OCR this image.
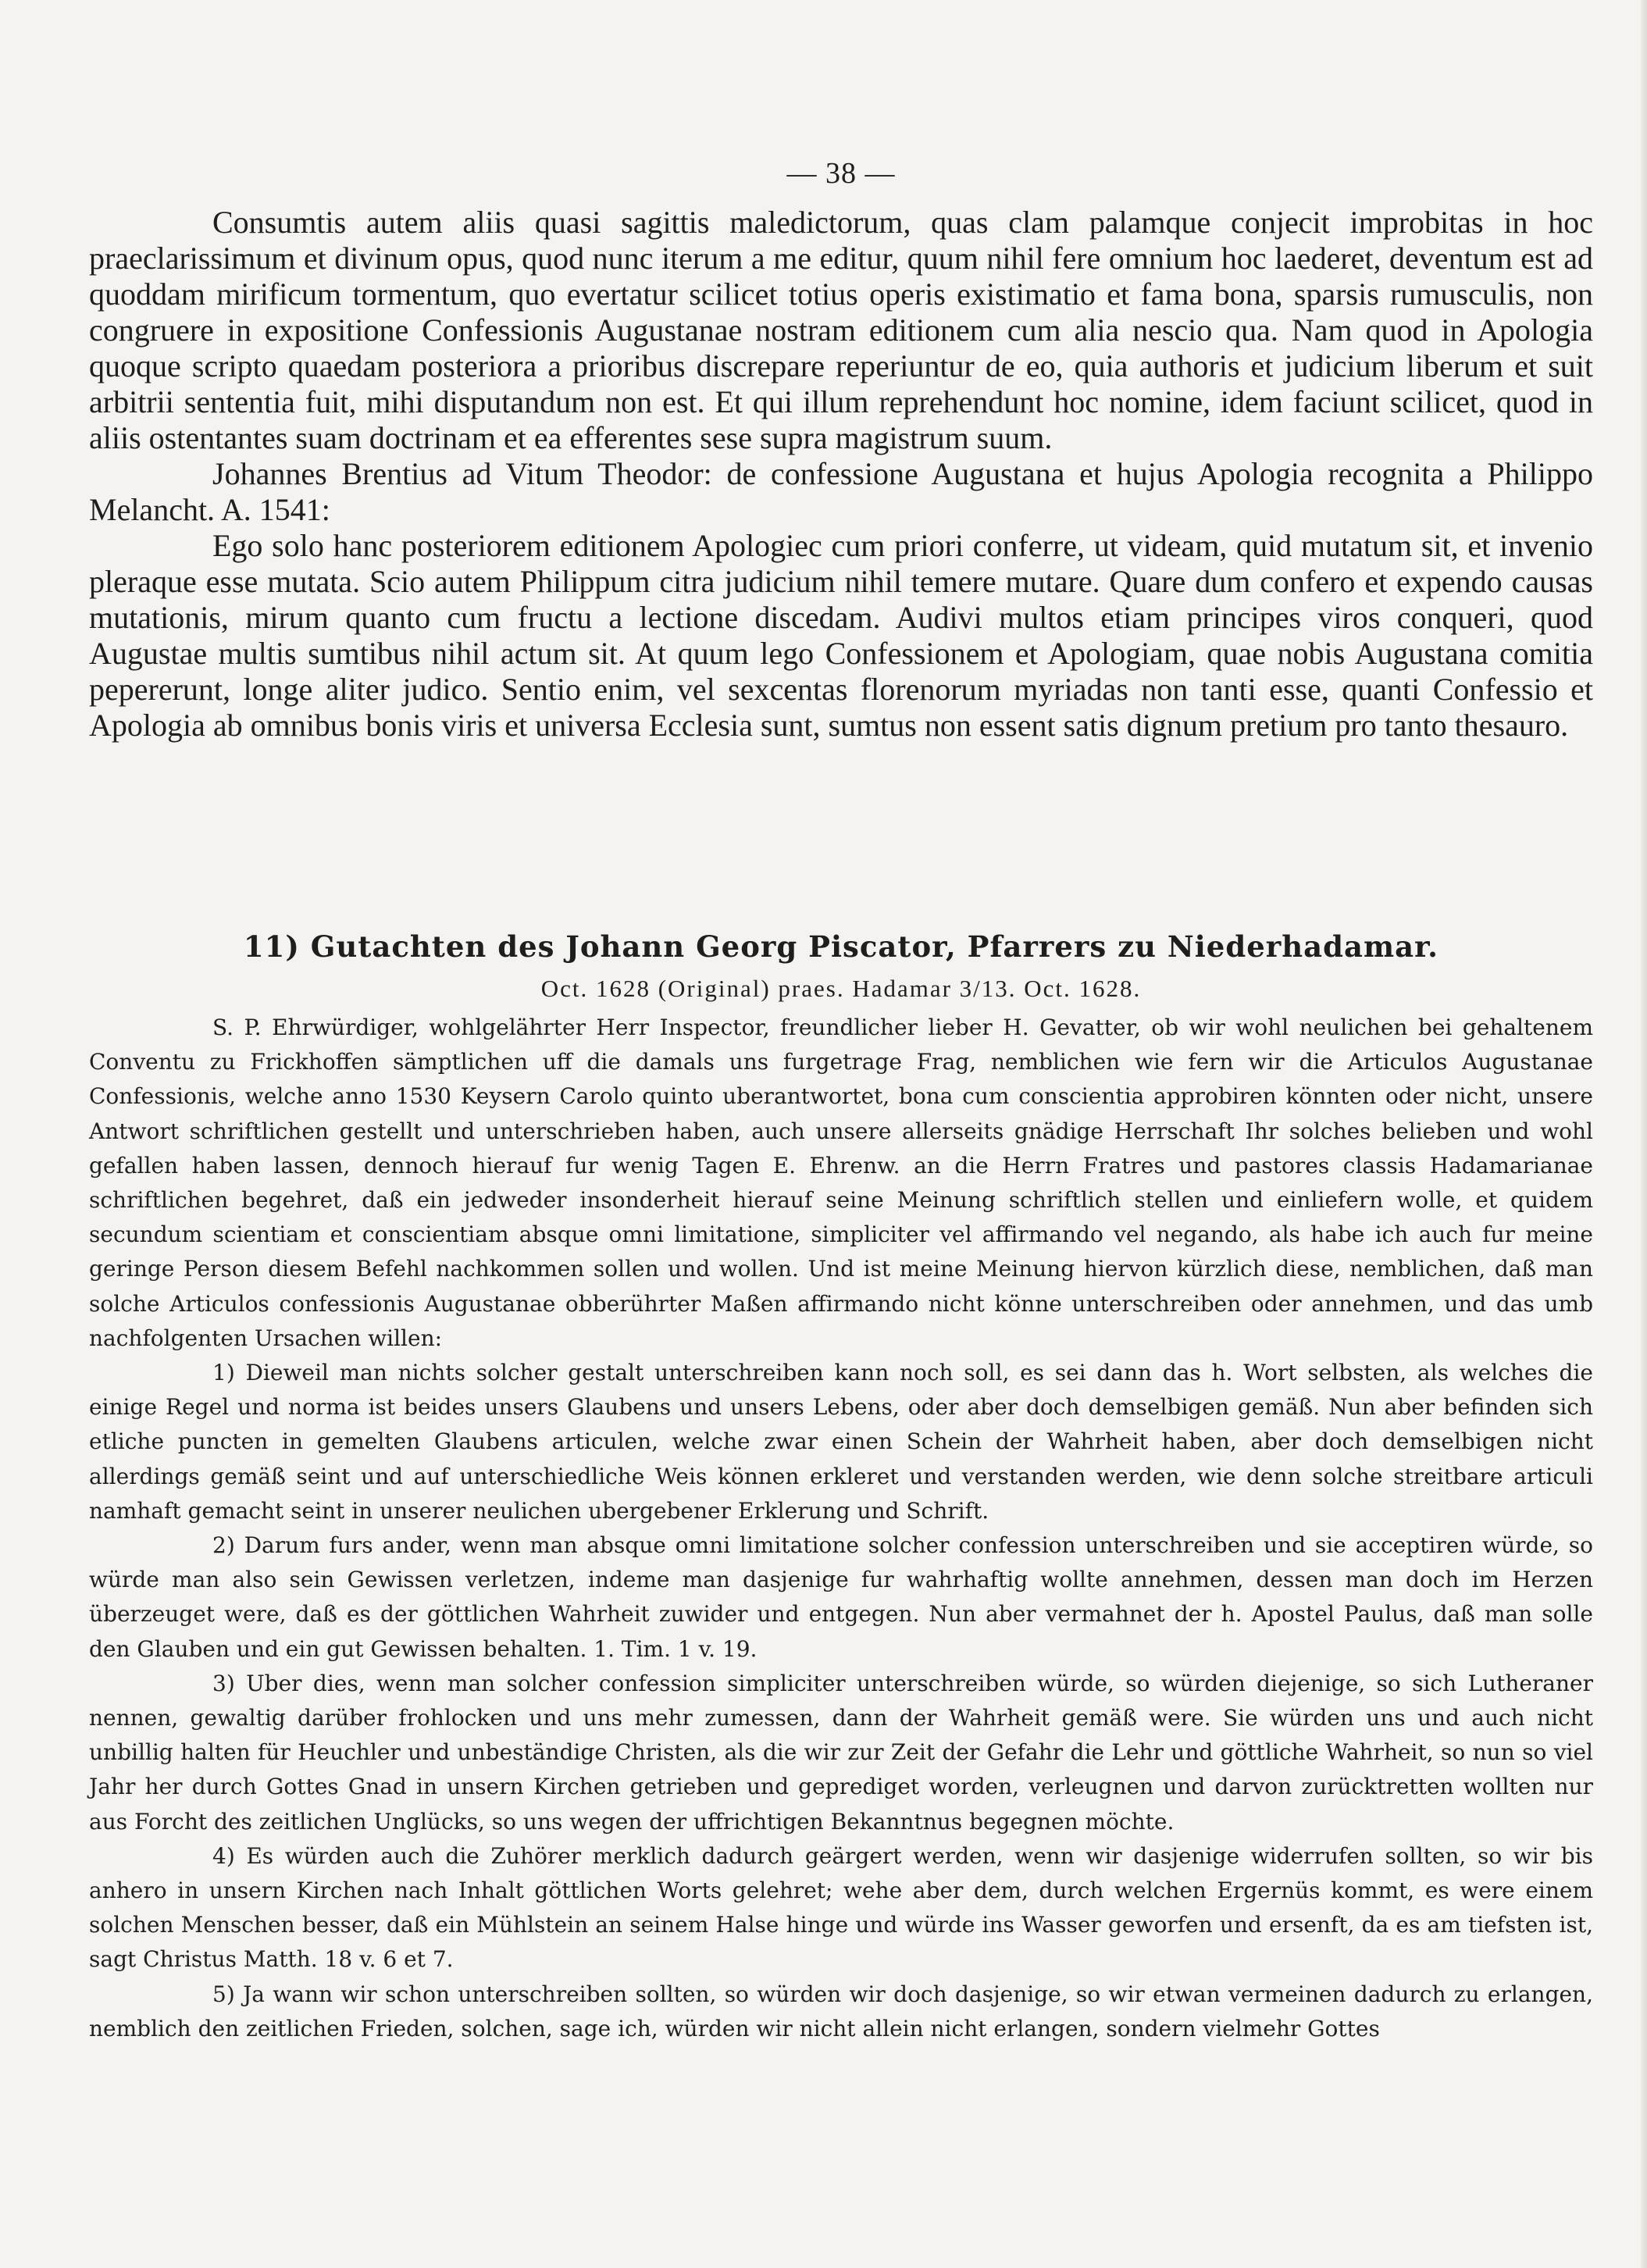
— 38 —

Consumtis autem aliis quasi sagittis maledictorum, quas clam palamque conjecit improbitas in hoc praeclarissimum et divinum opus, quod nunc iterum a me editur, quum nihil fere omnium hoc laederet, deventum est ad quoddam mirificum tormentum, quo evertatur scilicet totius operis existimatio et fama bona, sparsis rumusculis, non congruere in expositione Confessionis Augustanae nostram editionem cum alia nescio qua. Nam quod in Apologia quoque scripto quaedam posteriora a prioribus discrepare reperiuntur de eo, quia authoris et judicium liberum et suit arbitrii sententia fuit, mihi disputandum non est. Et qui illum reprehendunt hoc nomine, idem faciunt scilicet, quod in aliis ostentantes suam doctrinam et ea efferentes sese supra magistrum suum.

Johannes Brentius ad Vitum Theodor: de confessione Augustana et hujus Apologia recognita a Philippo Melancht. A. 1541:

Ego solo hanc posteriorem editionem Apologiec cum priori conferre, ut videam, quid mutatum sit, et invenio pleraque esse mutata. Scio autem Philippum citra judicium nihil temere mutare. Quare dum confero et expendo causas mutationis, mirum quanto cum fructu a lectione discedam. Audivi multos etiam principes viros conqueri, quod Augustae multis sumtibus nihil actum sit. At quum lego Confessionem et Apologiam, quae nobis Augustana comitia pepererunt, longe aliter judico. Sentio enim, vel sexcentas florenorum myriadas non tanti esse, quanti Confessio et Apologia ab omnibus bonis viris et universa Ecclesia sunt, sumtus non essent satis dignum pretium pro tanto thesauro.

11) Gutachten des Johann Georg Piscator, Pfarrers zu Niederhadamar.
Oct. 1628 (Original) praes. Hadamar 3/13. Oct. 1628.

S. P. Ehrwürdiger, wohlgelährter Herr Inspector, freundlicher lieber H. Gevatter, ob wir wohl neulichen bei gehaltenem Conventu zu Frickhoffen sämptlichen uff die damals uns furgetrage Frag, nemblichen wie fern wir die Articulos Augustanae Confessionis, welche anno 1530 Keysern Carolo quinto uberantwortet, bona cum conscientia approbiren könnten oder nicht, unsere Antwort schriftlichen gestellt und unterschrieben haben, auch unsere allerseits gnädige Herrschaft Ihr solches belieben und wohl gefallen haben lassen, dennoch hierauf fur wenig Tagen E. Ehrenw. an die Herrn Fratres und pastores classis Hadamarianae schriftlichen begehret, daß ein jedweder insonderheit hierauf seine Meinung schriftlich stellen und einliefern wolle, et quidem secundum scientiam et conscientiam absque omni limitatione, simpliciter vel affirmando vel negando, als habe ich auch fur meine geringe Person diesem Befehl nachkommen sollen und wollen. Und ist meine Meinung hiervon kürzlich diese, nemblichen, daß man solche Articulos confessionis Augustanae obberührter Maßen affirmando nicht könne unterschreiben oder annehmen, und das umb nachfolgenten Ursachen willen:

1) Dieweil man nichts solcher gestalt unterschreiben kann noch soll, es sei dann das h. Wort selbsten, als welches die einige Regel und norma ist beides unsers Glaubens und unsers Lebens, oder aber doch demselbigen gemäß. Nun aber befinden sich etliche puncten in gemelten Glaubens articulen, welche zwar einen Schein der Wahrheit haben, aber doch demselbigen nicht allerdings gemäß seint und auf unterschiedliche Weis können erkleret und verstanden werden, wie denn solche streitbare articuli namhaft gemacht seint in unserer neulichen ubergebener Erklerung und Schrift.

2) Darum furs ander, wenn man absque omni limitatione solcher confession unterschreiben und sie acceptiren würde, so würde man also sein Gewissen verletzen, indeme man dasjenige fur wahrhaftig wollte annehmen, dessen man doch im Herzen überzeuget were, daß es der göttlichen Wahrheit zuwider und entgegen. Nun aber vermahnet der h. Apostel Paulus, daß man solle den Glauben und ein gut Gewissen behalten. 1. Tim. 1 v. 19.

3) Uber dies, wenn man solcher confession simpliciter unterschreiben würde, so würden diejenige, so sich Lutheraner nennen, gewaltig darüber frohlocken und uns mehr zumessen, dann der Wahrheit gemäß were. Sie würden uns und auch nicht unbillig halten für Heuchler und unbeständige Christen, als die wir zur Zeit der Gefahr die Lehr und göttliche Wahrheit, so nun so viel Jahr her durch Gottes Gnad in unsern Kirchen getrieben und geprediget worden, verleugnen und darvon zurücktretten wollten nur aus Forcht des zeitlichen Unglücks, so uns wegen der uffrichtigen Bekanntnus begegnen möchte.

4) Es würden auch die Zuhörer merklich dadurch geärgert werden, wenn wir dasjenige widerrufen sollten, so wir bis anhero in unsern Kirchen nach Inhalt göttlichen Worts gelehret; wehe aber dem, durch welchen Ergernüs kommt, es were einem solchen Menschen besser, daß ein Mühlstein an seinem Halse hinge und würde ins Wasser geworfen und ersenft, da es am tiefsten ist, sagt Christus Matth. 18 v. 6 et 7.

5) Ja wann wir schon unterschreiben sollten, so würden wir doch dasjenige, so wir etwan vermeinen dadurch zu erlangen, nemblich den zeitlichen Frieden, solchen, sage ich, würden wir nicht allein nicht erlangen, sondern vielmehr Gottes
